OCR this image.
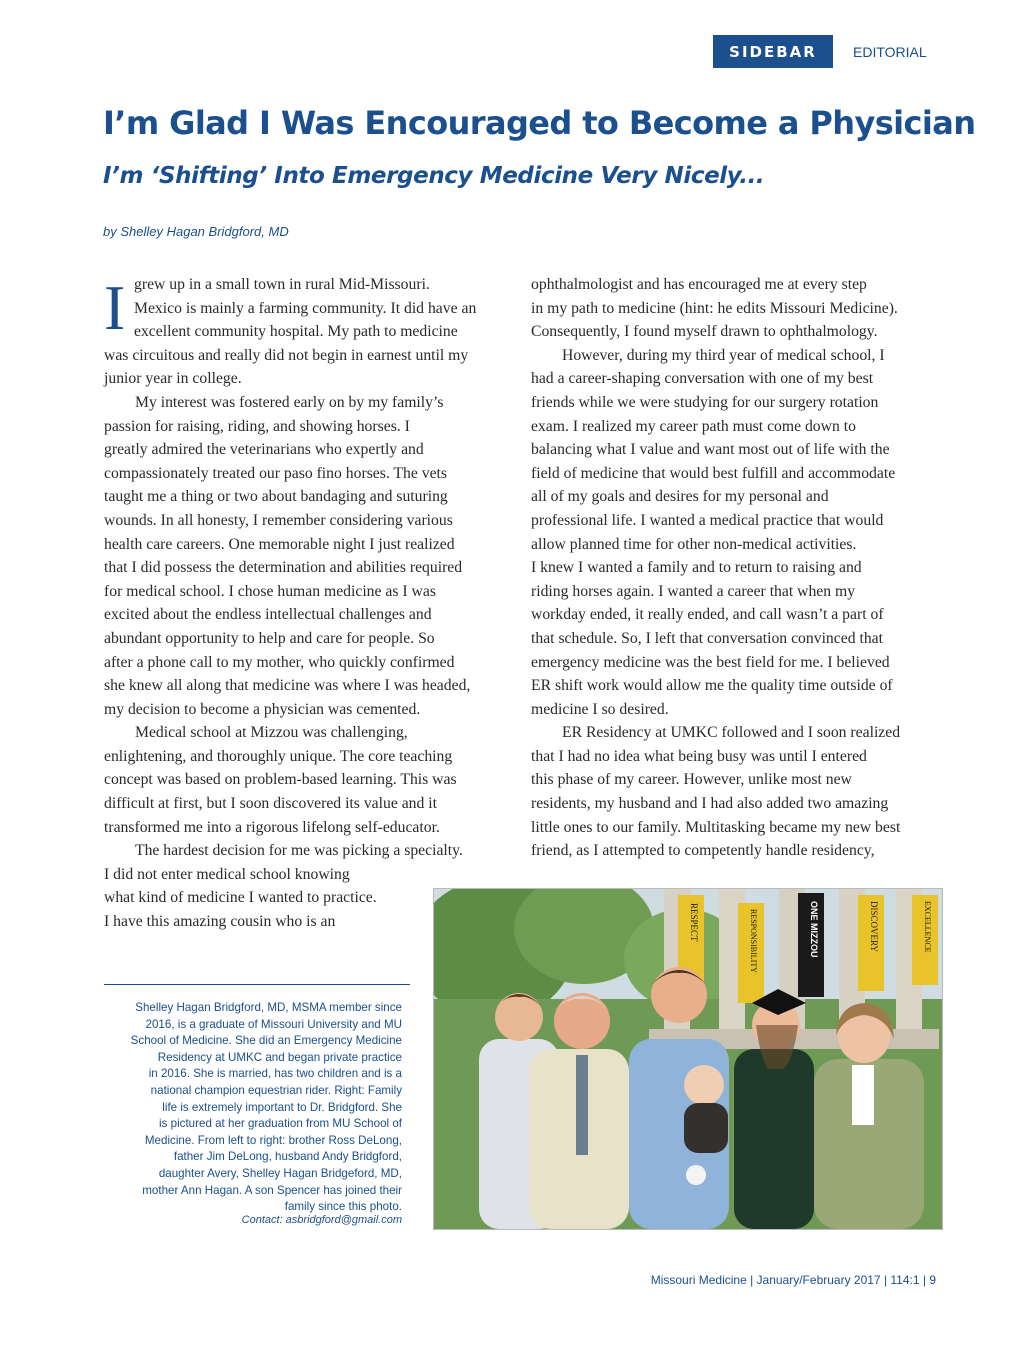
SIDEBAR	EDITORIAL
I’m Glad I Was Encouraged to Become a Physician
I’m ‘Shifting’ Into Emergency Medicine Very Nicely...
by Shelley Hagan Bridgford, MD
I grew up in a small town in rural Mid-Missouri.
Mexico is mainly a farming community. It did have an
excellent community hospital. My path to medicine
was circuitous and really did not begin in earnest until my
junior year in college.
My interest was fostered early on by my family’s
passion for raising, riding, and showing horses. I
greatly admired the veterinarians who expertly and
compassionately treated our paso fino horses. The vets
taught me a thing or two about bandaging and suturing
wounds. In all honesty, I remember considering various
health care careers. One memorable night I just realized
that I did possess the determination and abilities required
for medical school. I chose human medicine as I was
excited about the endless intellectual challenges and
abundant opportunity to help and care for people. So
after a phone call to my mother, who quickly confirmed
she knew all along that medicine was where I was headed,
my decision to become a physician was cemented.
Medical school at Mizzou was challenging,
enlightening, and thoroughly unique. The core teaching
concept was based on problem-based learning. This was
difficult at first, but I soon discovered its value and it
transformed me into a rigorous lifelong self-educator.
The hardest decision for me was picking a specialty.
I did not enter medical school knowing
what kind of medicine I wanted to practice.
I have this amazing cousin who is an
ophthalmologist and has encouraged me at every step
in my path to medicine (hint: he edits Missouri Medicine).
Consequently, I found myself drawn to ophthalmology.
However, during my third year of medical school, I
had a career-shaping conversation with one of my best
friends while we were studying for our surgery rotation
exam. I realized my career path must come down to
balancing what I value and want most out of life with the
field of medicine that would best fulfill and accommodate
all of my goals and desires for my personal and
professional life. I wanted a medical practice that would
allow planned time for other non-medical activities.
I knew I wanted a family and to return to raising and
riding horses again. I wanted a career that when my
workday ended, it really ended, and call wasn’t a part of
that schedule. So, I left that conversation convinced that
emergency medicine was the best field for me. I believed
ER shift work would allow me the quality time outside of
medicine I so desired.
ER Residency at UMKC followed and I soon realized
that I had no idea what being busy was until I entered
this phase of my career. However, unlike most new
residents, my husband and I had also added two amazing
little ones to our family. Multitasking became my new best
friend, as I attempted to competently handle residency,
Shelley Hagan Bridgford, MD, MSMA member since
2016, is a graduate of Missouri University and MU
School of Medicine. She did an Emergency Medicine
Residency at UMKC and began private practice
in 2016. She is married, has two children and is a
national champion equestrian rider. Right: Family
life is extremely important to Dr. Bridgford. She
is pictured at her graduation from MU School of
Medicine. From left to right: brother Ross DeLong,
father Jim DeLong, husband Andy Bridgford,
daughter Avery, Shelley Hagan Bridgeford, MD,
mother Ann Hagan. A son Spencer has joined their
family since this photo.
Contact: asbridgford@gmail.com
RESPECT	RESPONSIBILITY	ONE MIZZOU	DISCOVERY	EXCELLENCE
Missouri Medicine | January/February 2017 | 114:1 | 9
